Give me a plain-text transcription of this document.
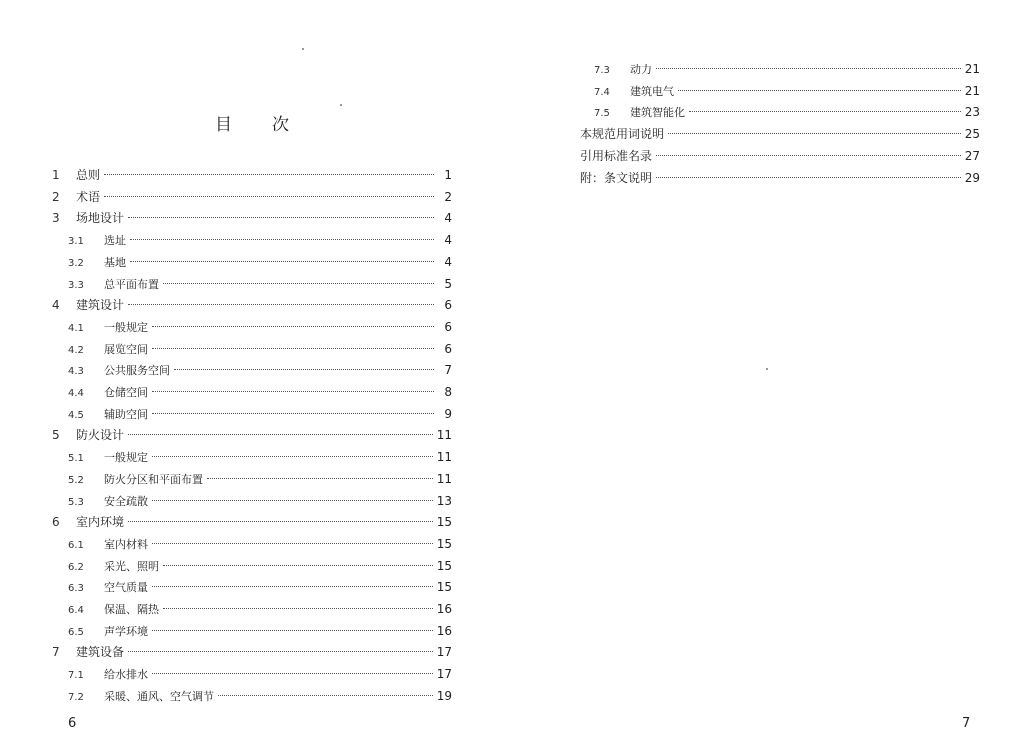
目 次
1	总则	1
2	术语	2
3	场地设计	4
3.1	选址	4
3.2	基地	4
3.3	总平面布置	5
4	建筑设计	6
4.1	一般规定	6
4.2	展览空间	6
4.3	公共服务空间	7
4.4	仓储空间	8
4.5	辅助空间	9
5	防火设计	11
5.1	一般规定	11
5.2	防火分区和平面布置	11
5.3	安全疏散	13
6	室内环境	15
6.1	室内材料	15
6.2	采光、照明	15
6.3	空气质量	15
6.4	保温、隔热	16
6.5	声学环境	16
7	建筑设备	17
7.1	给水排水	17
7.2	采暖、通风、空气调节	19
6
7.3	动力	21
7.4	建筑电气	21
7.5	建筑智能化	23
本规范用词说明	25
引用标准名录	27
附：条文说明	29
7
